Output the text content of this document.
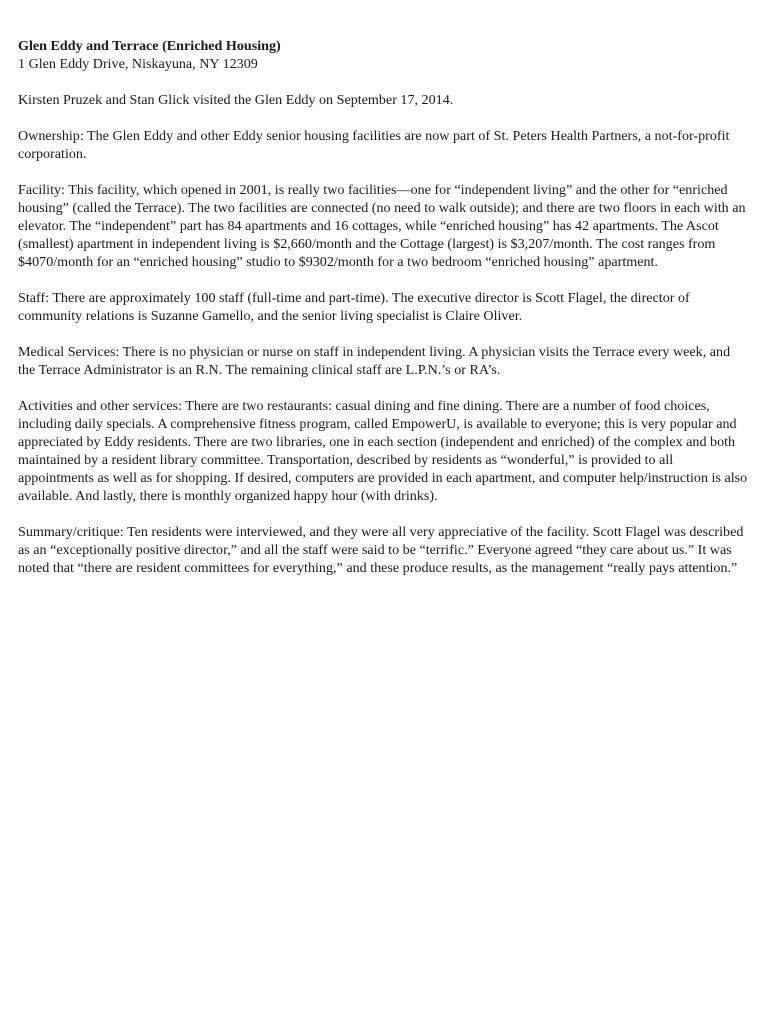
Glen Eddy and Terrace (Enriched Housing)

1 Glen Eddy Drive, Niskayuna, NY 12309

Kirsten Pruzek and Stan Glick visited the Glen Eddy on September 17, 2014.

Ownership: The Glen Eddy and other Eddy senior housing facilities are now part of St. Peters Health Partners, a not-for-profit corporation.

Facility: This facility, which opened in 2001, is really two facilities—one for “independent living” and the other for “enriched housing” (called the Terrace). The two facilities are connected (no need to walk outside); and there are two floors in each with an elevator. The “independent” part has 84 apartments and 16 cottages, while “enriched housing” has 42 apartments. The Ascot (smallest) apartment in independent living is $2,660/month and the Cottage (largest) is $3,207/month. The cost ranges from $4070/month for an “enriched housing” studio to $9302/month for a two bedroom “enriched housing” apartment.

Staff: There are approximately 100 staff (full-time and part-time). The executive director is Scott Flagel, the director of community relations is Suzanne Gamello, and the senior living specialist is Claire Oliver.

Medical Services: There is no physician or nurse on staff in independent living. A physician visits the Terrace every week, and the Terrace Administrator is an R.N. The remaining clinical staff are L.P.N.’s or RA’s.

Activities and other services: There are two restaurants: casual dining and fine dining. There are a number of food choices, including daily specials. A comprehensive fitness program, called EmpowerU, is available to everyone; this is very popular and appreciated by Eddy residents. There are two libraries, one in each section (independent and enriched) of the complex and both maintained by a resident library committee. Transportation, described by residents as “wonderful,” is provided to all appointments as well as for shopping. If desired, computers are provided in each apartment, and computer help/instruction is also available. And lastly, there is monthly organized happy hour (with drinks).

Summary/critique: Ten residents were interviewed, and they were all very appreciative of the facility. Scott Flagel was described as an “exceptionally positive director,” and all the staff were said to be “terrific.” Everyone agreed “they care about us.” It was noted that “there are resident committees for everything,” and these produce results, as the management “really pays attention.”
